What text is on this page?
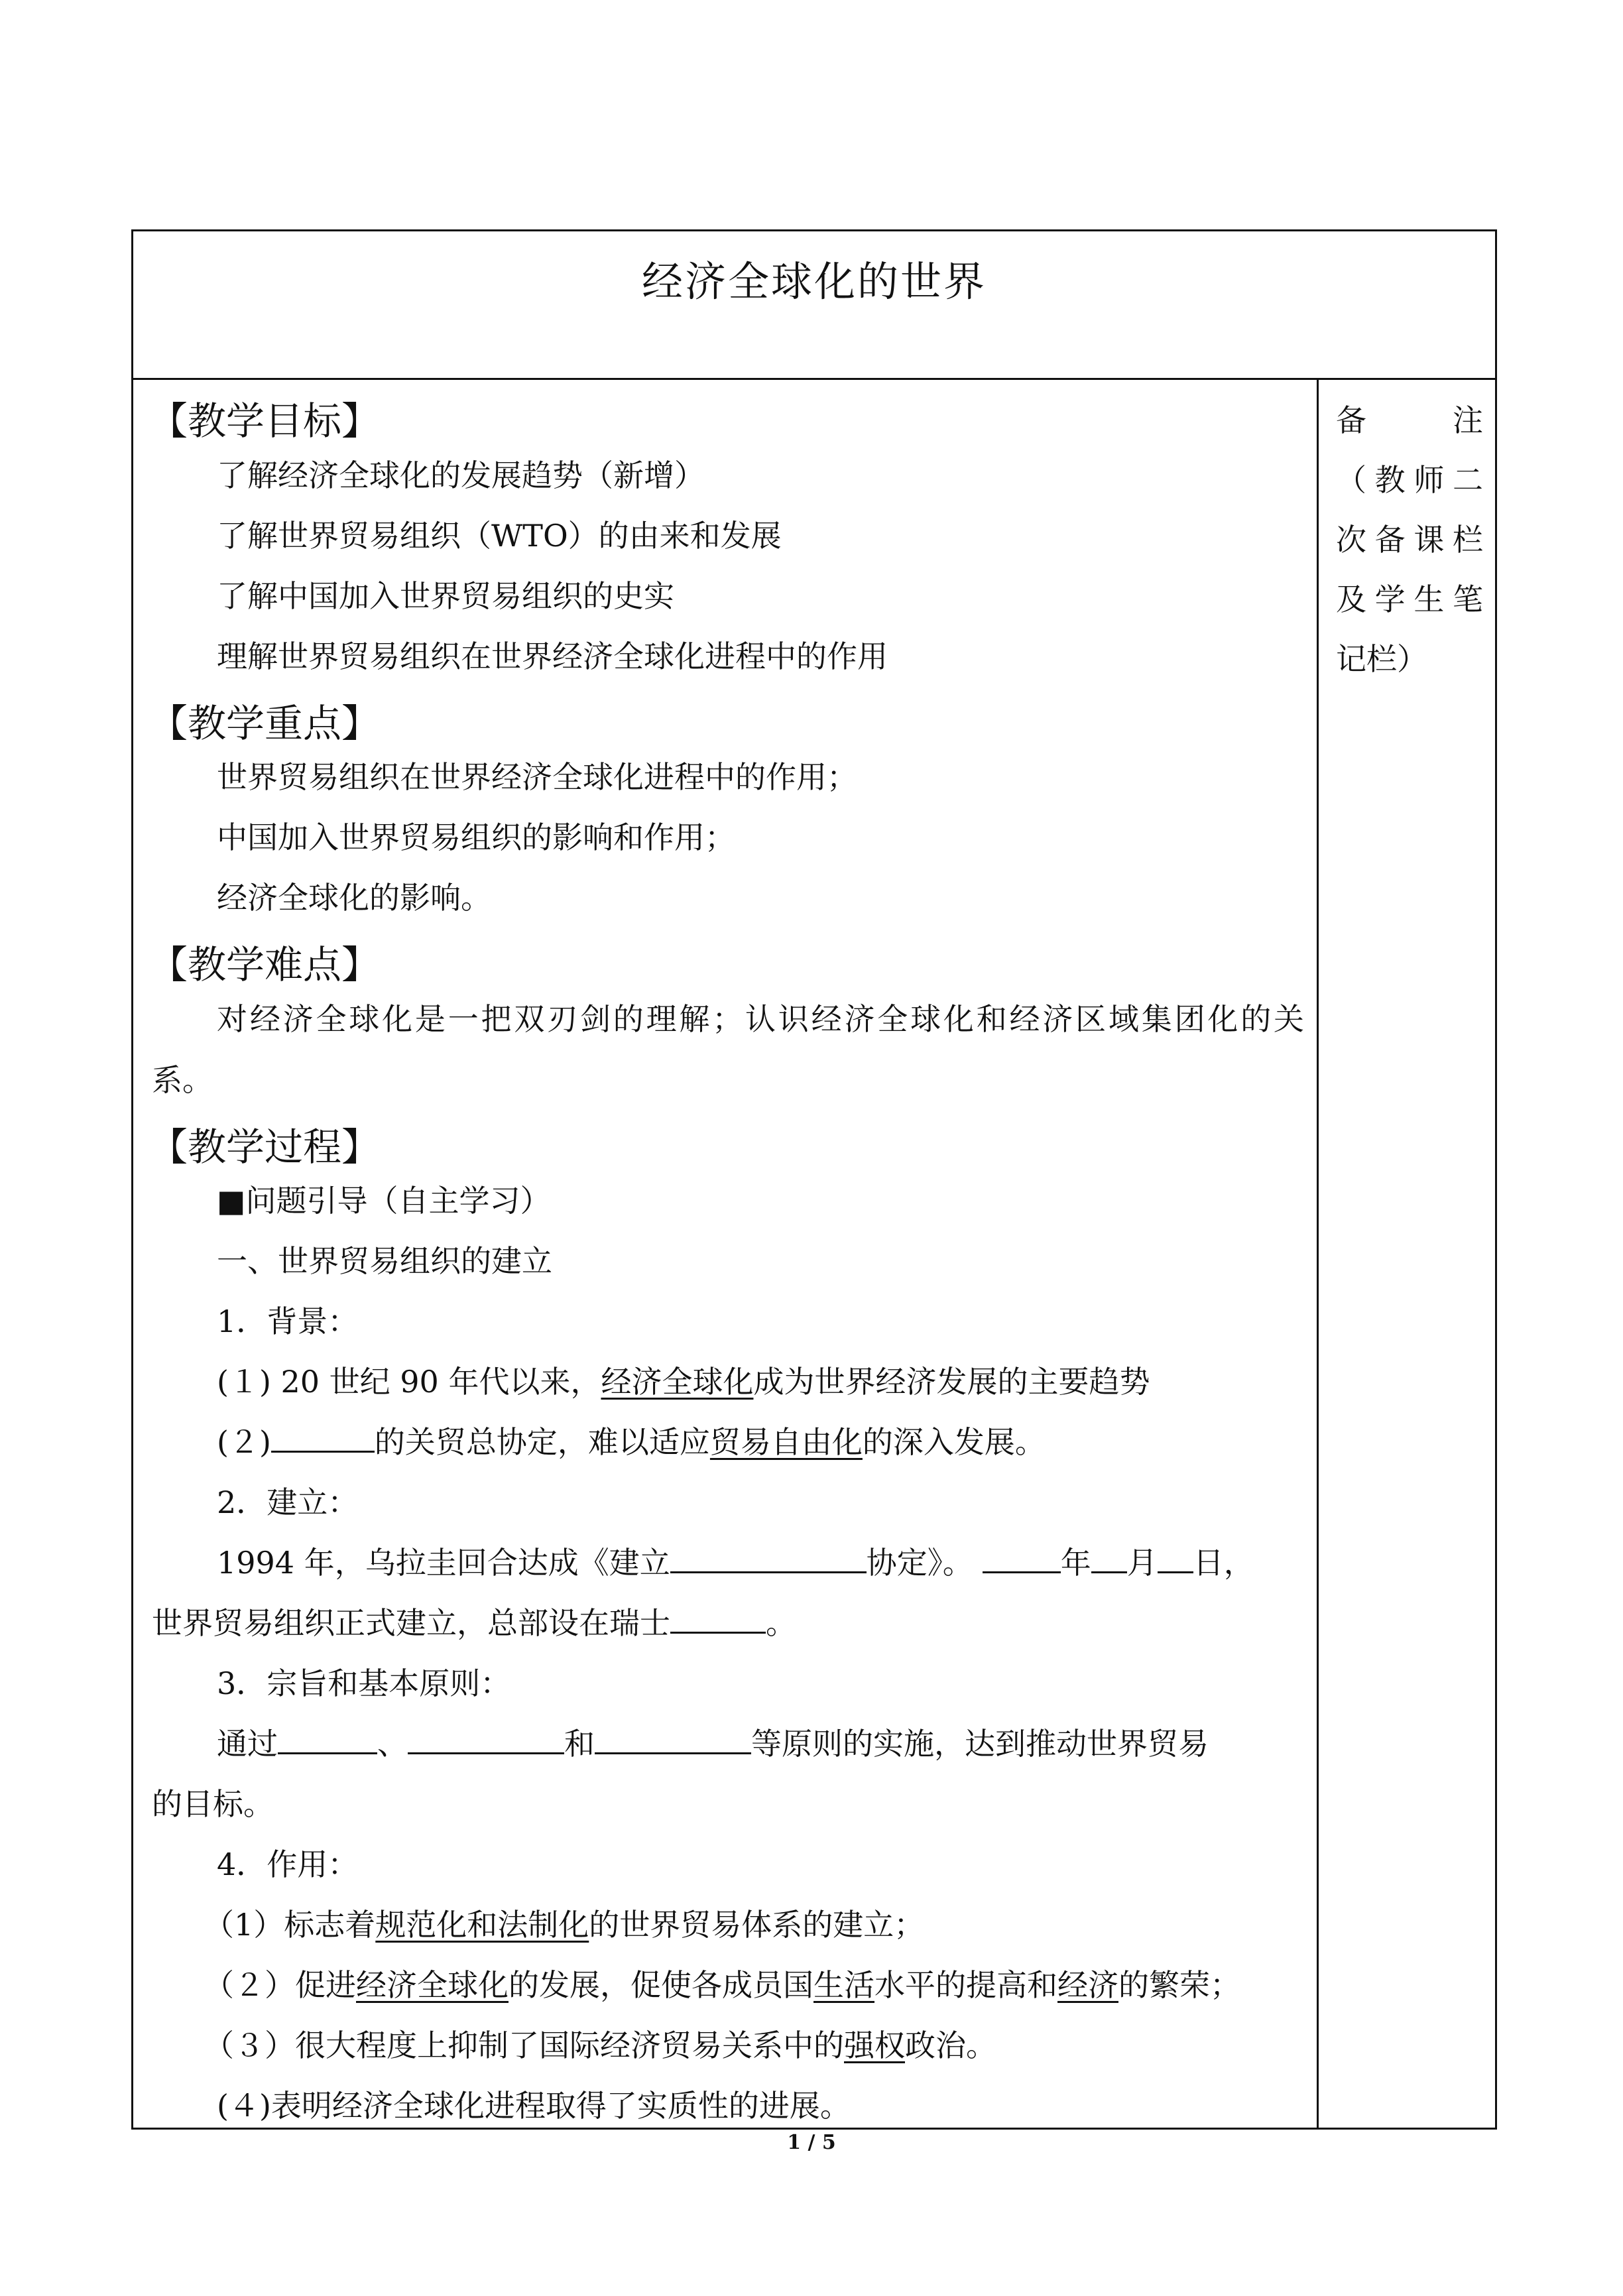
经济全球化的世界
【教学目标】
了解经济全球化的发展趋势（新增）
了解世界贸易组织（WTO）的由来和发展
了解中国加入世界贸易组织的史实
理解世界贸易组织在世界经济全球化进程中的作用
【教学重点】
世界贸易组织在世界经济全球化进程中的作用；
中国加入世界贸易组织的影响和作用；
经济全球化的影响。
【教学难点】
对经济全球化是一把双刃剑的理解；认识经济全球化和经济区域集团化的关
系。
【教学过程】
■问题引导（自主学习）
一、世界贸易组织的建立
1．背景：
(１) 20 世纪 90 年代以来，经济全球化成为世界经济发展的主要趋势
(２)	的关贸总协定，难以适应贸易自由化的深入发展。
2．建立：
1994 年，乌拉圭回合达成《建立	协定》。	年 月 日，
世界贸易组织正式建立，总部设在瑞士	。
3．宗旨和基本原则：
通过	、	和	等原则的实施，达到推动世界贸易
的目标。
4．作用：
（1）标志着规范化和法制化的世界贸易体系的建立；
（２）促进经济全球化的发展，促使各成员国生活水平的提高和经济的繁荣；
（３）很大程度上抑制了国际经济贸易关系中的强权政治。
(４)表明经济全球化进程取得了实质性的进展。
备　注
（教师二
次备课栏
及学生笔
记栏）
1 / 5
